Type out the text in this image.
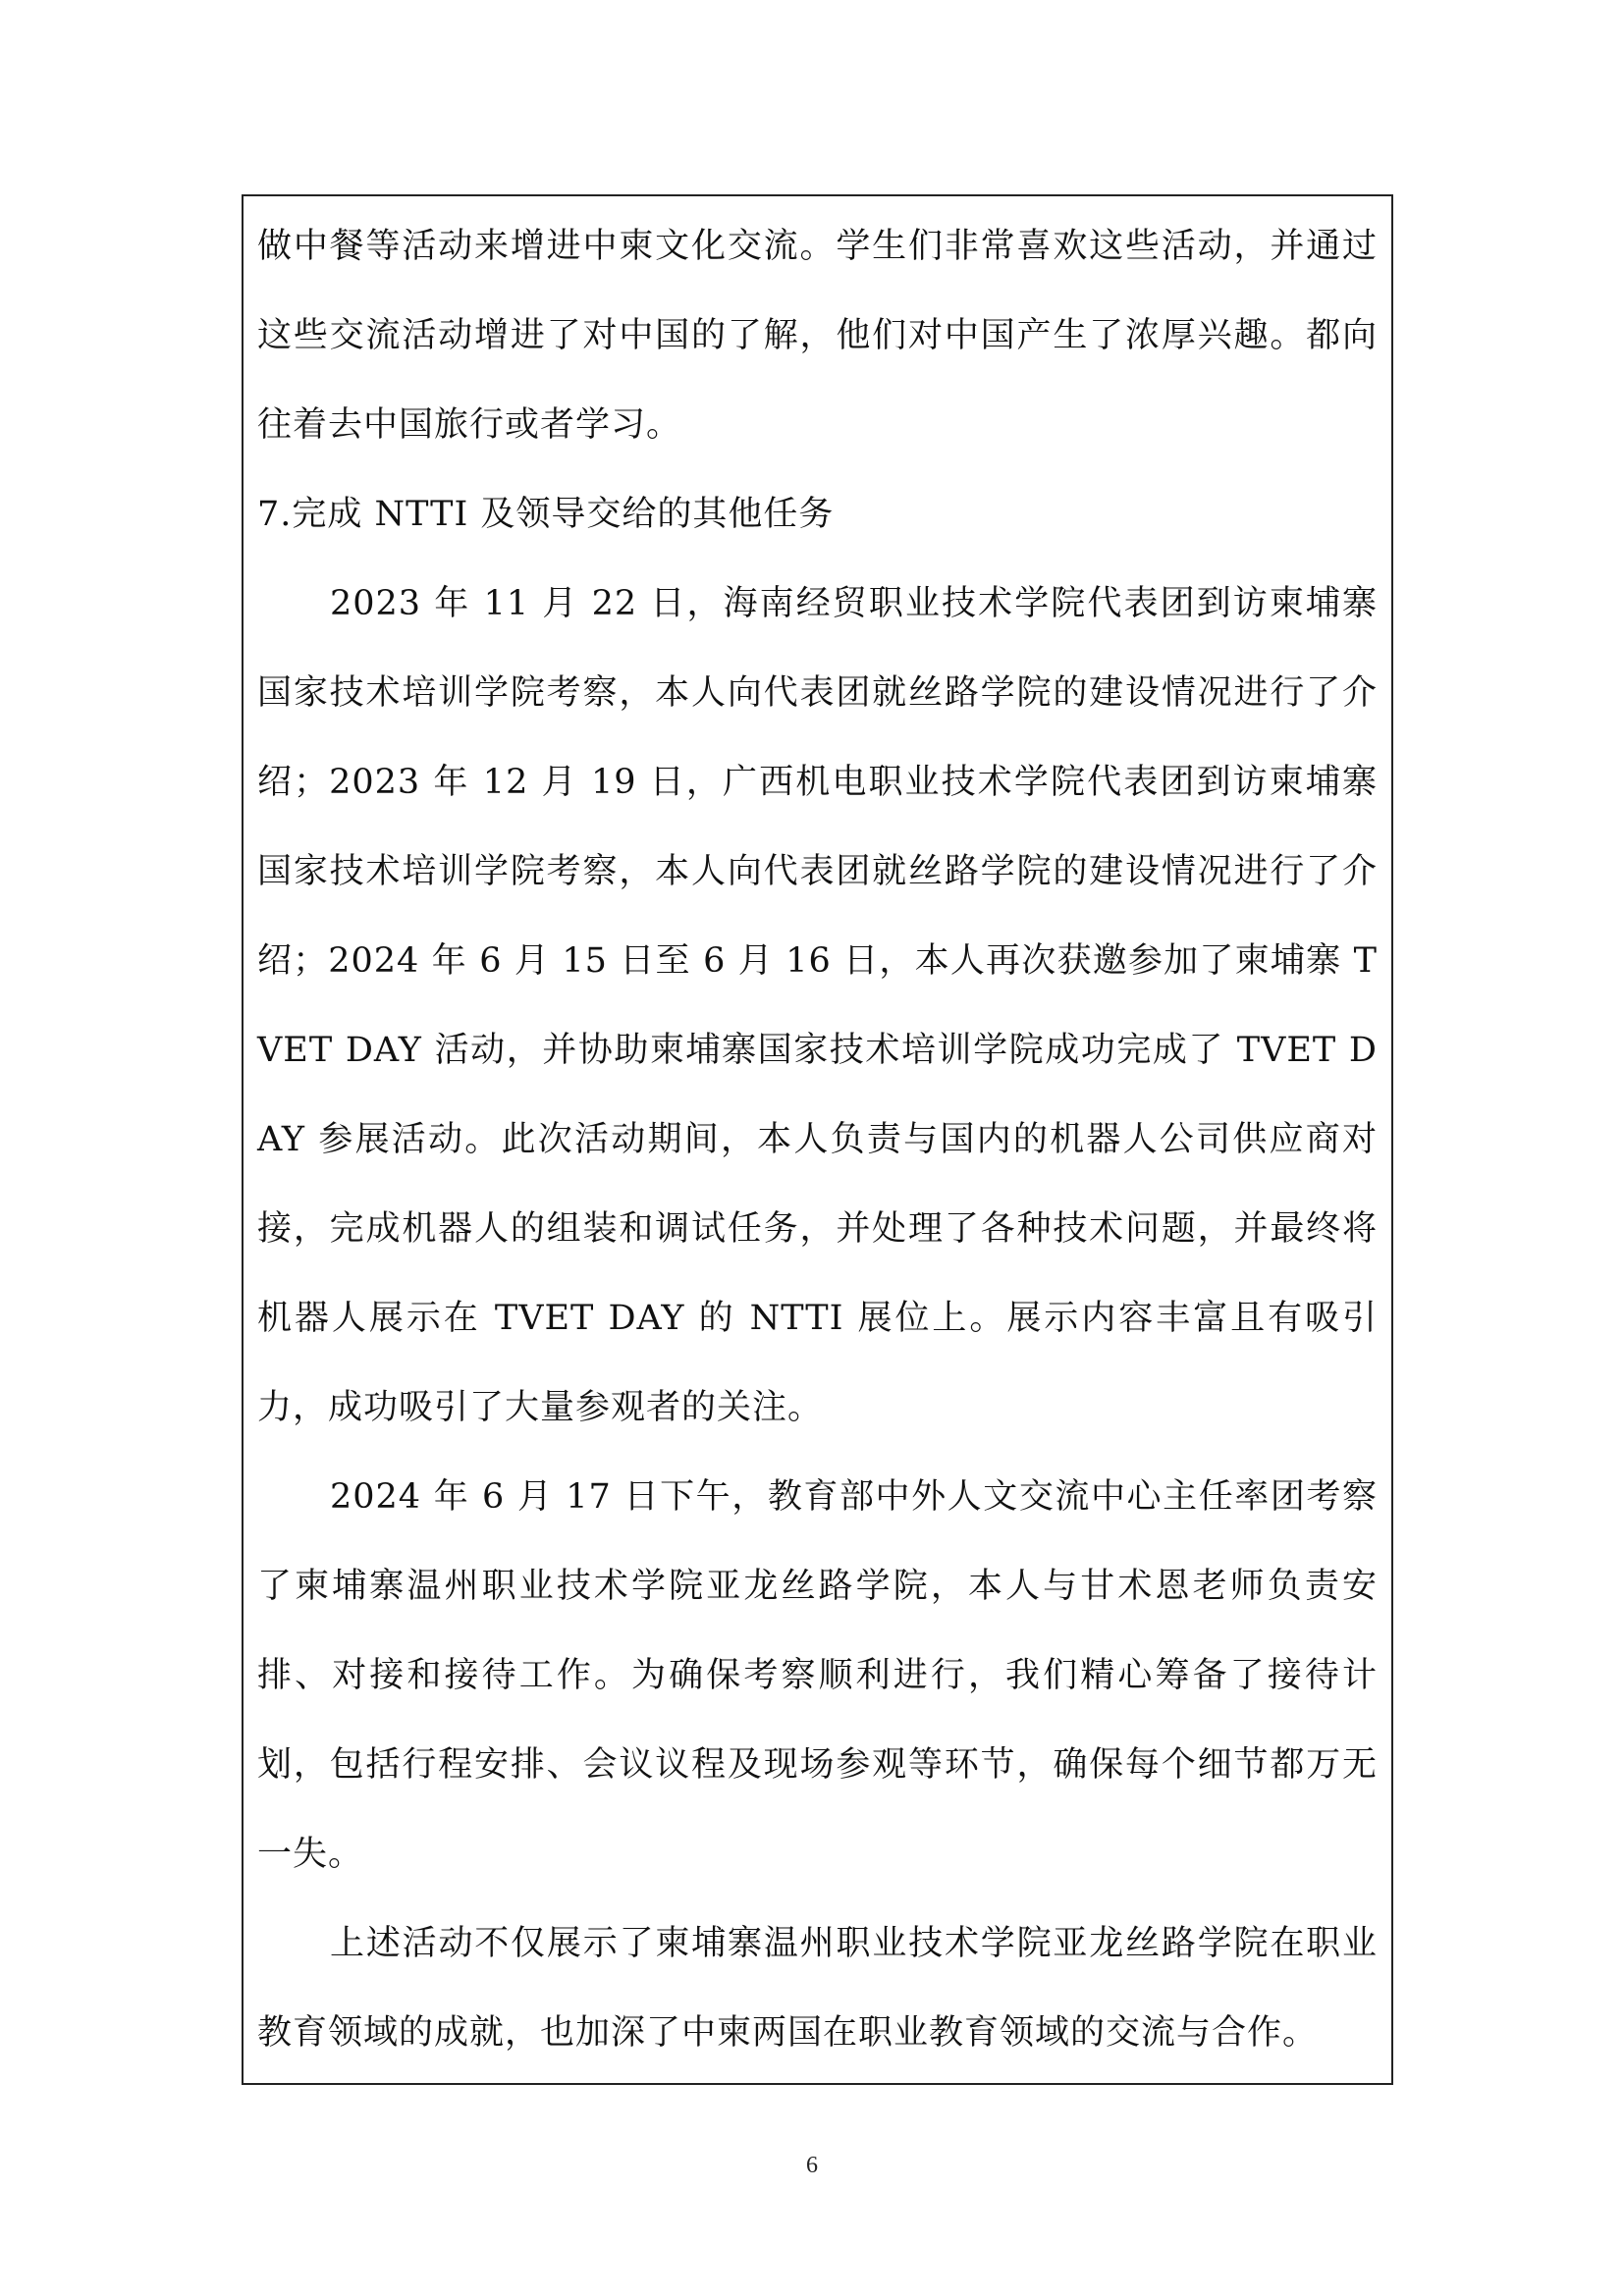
做中餐等活动来增进中柬文化交流。学生们非常喜欢这些活动，并通过这些交流活动增进了对中国的了解，他们对中国产生了浓厚兴趣。都向往着去中国旅行或者学习。

7.完成 NTTI 及领导交给的其他任务

2023 年 11 月 22 日，海南经贸职业技术学院代表团到访柬埔寨国家技术培训学院考察，本人向代表团就丝路学院的建设情况进行了介绍；2023 年 12 月 19 日，广西机电职业技术学院代表团到访柬埔寨国家技术培训学院考察，本人向代表团就丝路学院的建设情况进行了介绍；2024 年 6 月 15 日至 6 月 16 日，本人再次获邀参加了柬埔寨 TVET DAY 活动，并协助柬埔寨国家技术培训学院成功完成了 TVET DAY 参展活动。此次活动期间，本人负责与国内的机器人公司供应商对接，完成机器人的组装和调试任务，并处理了各种技术问题，并最终将机器人展示在 TVET DAY 的 NTTI 展位上。展示内容丰富且有吸引力，成功吸引了大量参观者的关注。

2024 年 6 月 17 日下午，教育部中外人文交流中心主任率团考察了柬埔寨温州职业技术学院亚龙丝路学院，本人与甘术恩老师负责安排、对接和接待工作。为确保考察顺利进行，我们精心筹备了接待计划，包括行程安排、会议议程及现场参观等环节，确保每个细节都万无一失。

上述活动不仅展示了柬埔寨温州职业技术学院亚龙丝路学院在职业教育领域的成就，也加深了中柬两国在职业教育领域的交流与合作。

6
